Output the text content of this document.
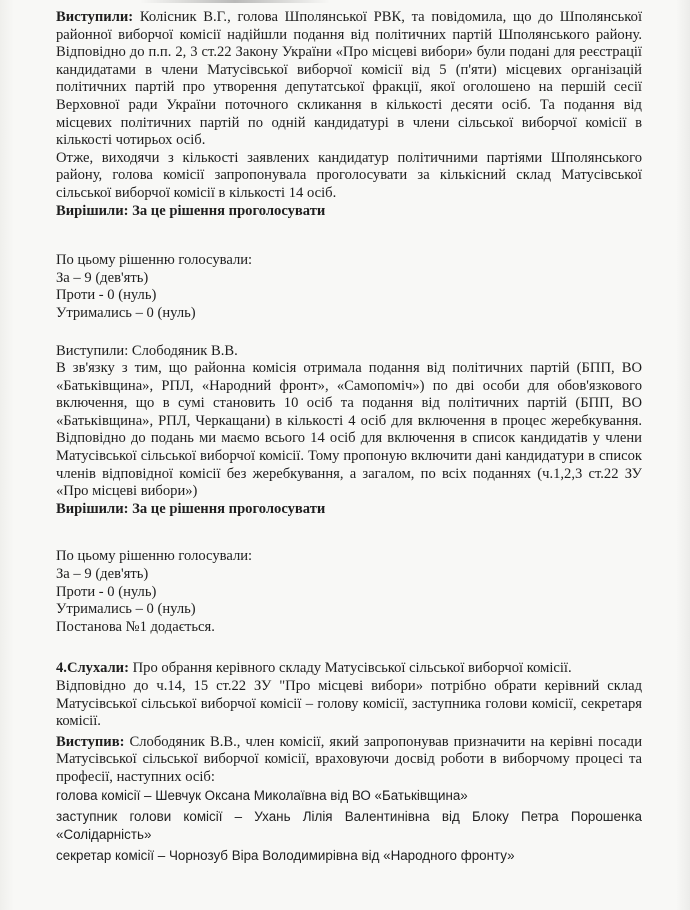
Виступили: Колісник В.Г., голова Шполянської РВК, та повідомила, що до Шполянської районної виборчої комісії надійшли подання від політичних партій Шполянського району. Відповідно до п.п. 2, 3 ст.22 Закону України «Про місцеві вибори» були подані для реєстрації кандидатами в члени Матусівської виборчої комісії від 5 (п'яти) місцевих організацій політичних партій про утворення депутатської фракції, якої оголошено на першій сесії Верховної ради України поточного скликання в кількості десяти осіб. Та подання від місцевих політичних партій по одній кандидатурі в члени сільської виборчої комісії в кількості чотирьох осіб.

Отже, виходячи з кількості заявлених кандидатур політичними партіями Шполянського району, голова комісії запропонувала проголосувати за кількісний склад Матусівської сільської виборчої комісії в кількості 14 осіб.

Вирішили: За це рішення проголосувати

По цьому рішенню голосували:

За – 9 (дев'ять)

Проти - 0 (нуль)

Утримались – 0 (нуль)

Виступили: Слободяник В.В.

В зв'язку з тим, що районна комісія отримала подання від політичних партій (БПП, ВО «Батьківщина», РПЛ, «Народний фронт», «Самопоміч») по дві особи для обов'язкового включення, що в сумі становить 10 осіб та подання від політичних партій (БПП, ВО «Батьківщина», РПЛ, Черкащани) в кількості 4 осіб для включення в процес жеребкування. Відповідно до подань ми маємо всього 14 осіб для включення в список кандидатів у члени Матусівської сільської виборчої комісії. Тому пропоную включити дані кандидатури в список членів відповідної комісії без жеребкування, а загалом, по всіх поданнях (ч.1,2,3 ст.22 ЗУ «Про місцеві вибори»)

Вирішили: За це рішення проголосувати

По цьому рішенню голосували:

За – 9 (дев'ять)

Проти - 0 (нуль)

Утримались – 0 (нуль)

Постанова №1 додається.

4.Слухали: Про обрання керівного складу Матусівської сільської виборчої комісії.

Відповідно до ч.14, 15 ст.22 ЗУ "Про місцеві вибори» потрібно обрати керівний склад Матусівської сільської виборчої комісії – голову комісії, заступника голови комісії, секретаря комісії.

Виступив: Слободяник В.В., член комісії, який запропонував призначити на керівні посади Матусівської сільської виборчої комісії, враховуючи досвід роботи в виборчому процесі та професії, наступних осіб:

голова комісії – Шевчук Оксана Миколаївна від ВО «Батьківщина»

заступник голови комісії – Ухань Лілія Валентинівна від Блоку Петра Порошенка «Солідарність»

секретар комісії – Чорнозуб Віра Володимирівна від «Народного фронту»
